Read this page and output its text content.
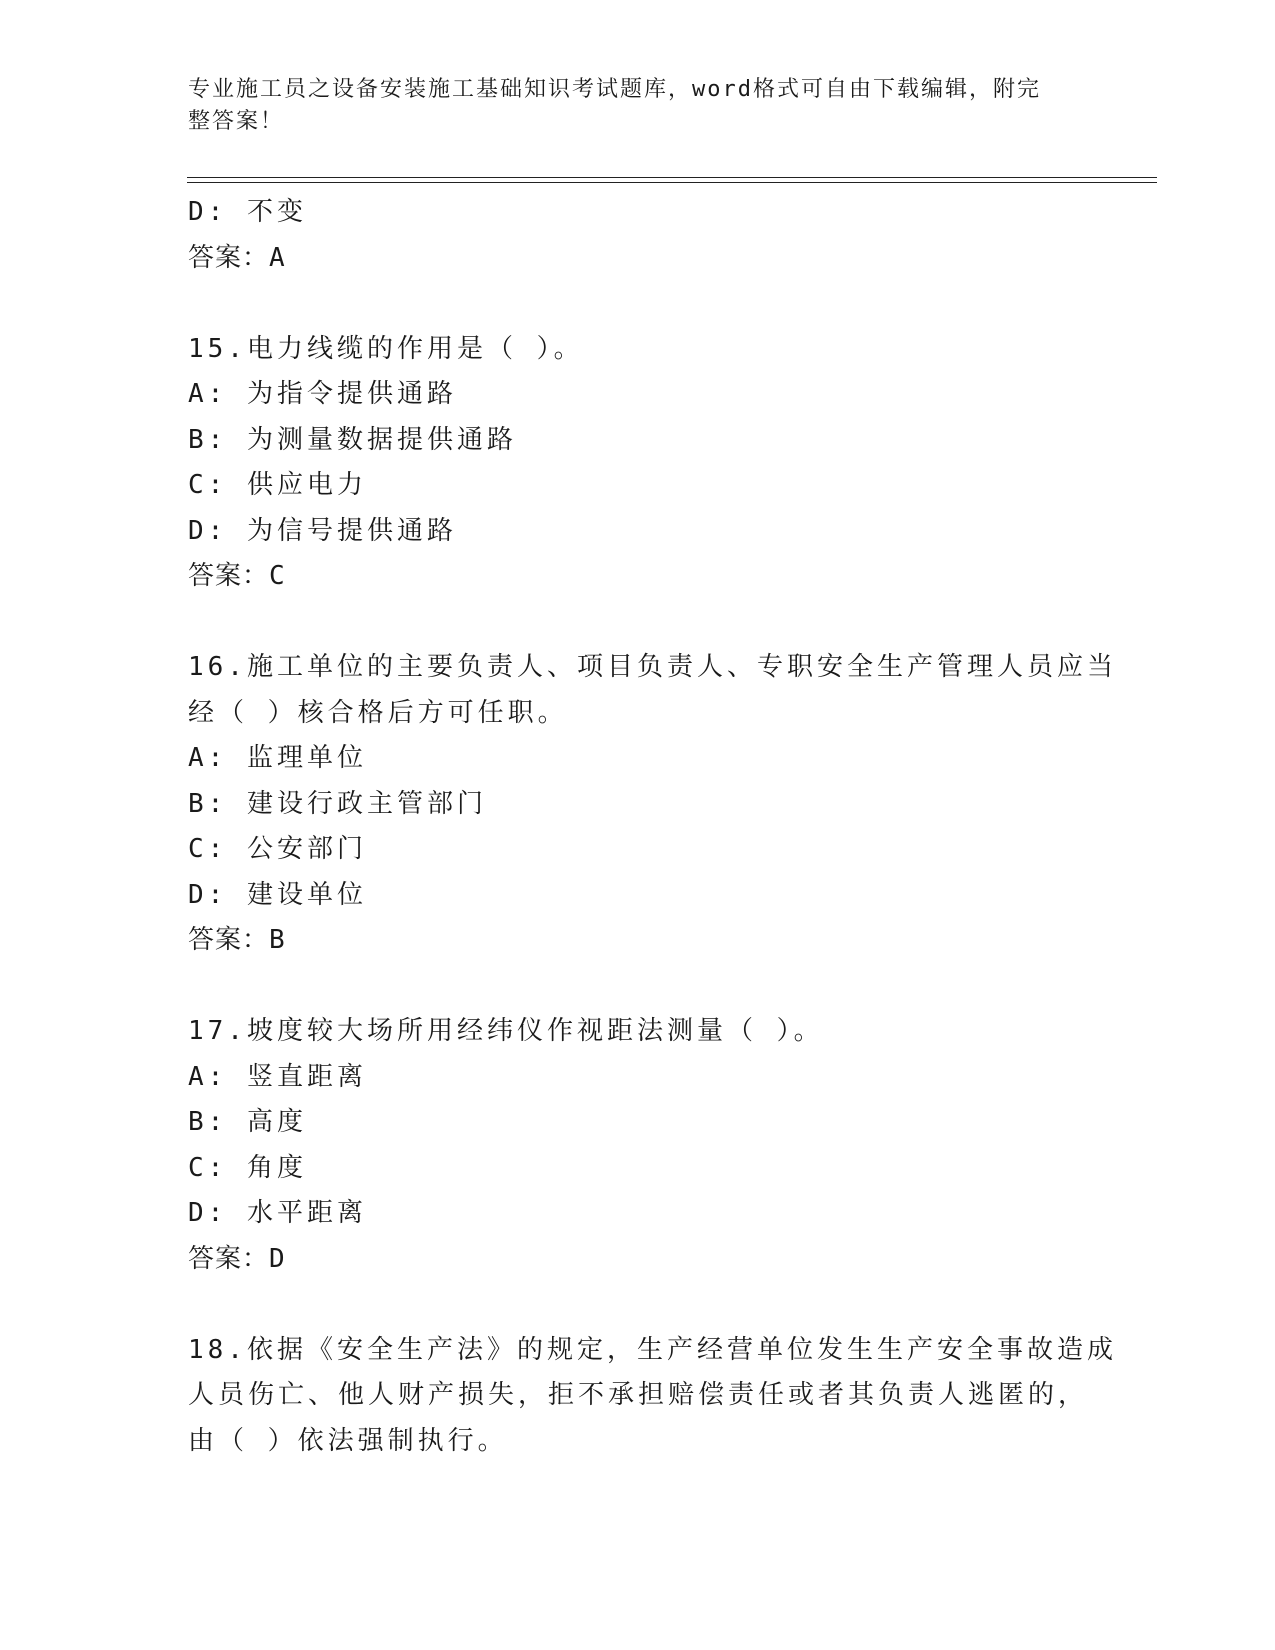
专业施工员之设备安装施工基础知识考试题库，word格式可自由下载编辑，附完
整答案！
D: 不变
答案：A
15.电力线缆的作用是（ ）。
A: 为指令提供通路
B: 为测量数据提供通路
C: 供应电力
D: 为信号提供通路
答案：C
16.施工单位的主要负责人、项目负责人、专职安全生产管理人员应当
经（ ）核合格后方可任职。
A: 监理单位
B: 建设行政主管部门
C: 公安部门
D: 建设单位
答案：B
17.坡度较大场所用经纬仪作视距法测量（ ）。
A: 竖直距离
B: 高度
C: 角度
D: 水平距离
答案：D
18.依据《安全生产法》的规定，生产经营单位发生生产安全事故造成
人员伤亡、他人财产损失，拒不承担赔偿责任或者其负责人逃匿的，
由（ ）依法强制执行。
